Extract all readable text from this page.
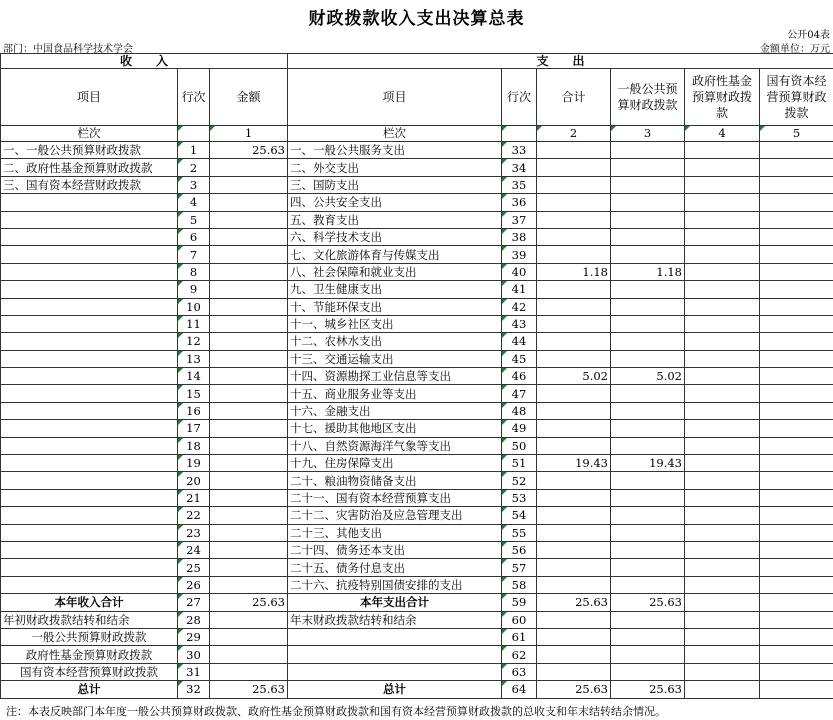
财政拨款收入支出决算总表
公开04表
部门：中国食品科学技术学会	金额单位：万元
收　　入			支　　出					
项目	行次	金额	项目	行次	合计	一般公共预算财政拨款	政府性基金预算财政拨款	国有资本经营预算财政拨款
栏次		1	栏次		2	3	4	5
一、一般公共预算财政拨款	1	25.63	一、一般公共服务支出	33				
二、政府性基金预算财政拨款	2		二、外交支出	34				
三、国有资本经营财政拨款	3		三、国防支出	35				
	4		四、公共安全支出	36				
	5		五、教育支出	37				
	6		六、科学技术支出	38				
	7		七、文化旅游体育与传媒支出	39				
	8		八、社会保障和就业支出	40	1.18	1.18		
	9		九、卫生健康支出	41				
	10		十、节能环保支出	42				
	11		十一、城乡社区支出	43				
	12		十二、农林水支出	44				
	13		十三、交通运输支出	45				
	14		十四、资源勘探工业信息等支出	46	5.02	5.02		
	15		十五、商业服务业等支出	47				
	16		十六、金融支出	48				
	17		十七、援助其他地区支出	49				
	18		十八、自然资源海洋气象等支出	50				
	19		十九、住房保障支出	51	19.43	19.43		
	20		二十、粮油物资储备支出	52				
	21		二十一、国有资本经营预算支出	53				
	22		二十二、灾害防治及应急管理支出	54				
	23		二十三、其他支出	55				
	24		二十四、债务还本支出	56				
	25		二十五、债务付息支出	57				
	26		二十六、抗疫特别国债安排的支出	58				
本年收入合计	27	25.63	本年支出合计	59	25.63	25.63		
年初财政拨款结转和结余	28		年末财政拨款结转和结余	60				
一般公共预算财政拨款	29			61				
政府性基金预算财政拨款	30			62				
国有资本经营预算财政拨款	31			63				
总计	32	25.63	总计	64	25.63	25.63		
注：本表反映部门本年度一般公共预算财政拨款、政府性基金预算财政拨款和国有资本经营预算财政拨款的总收支和年末结转结余情况。
